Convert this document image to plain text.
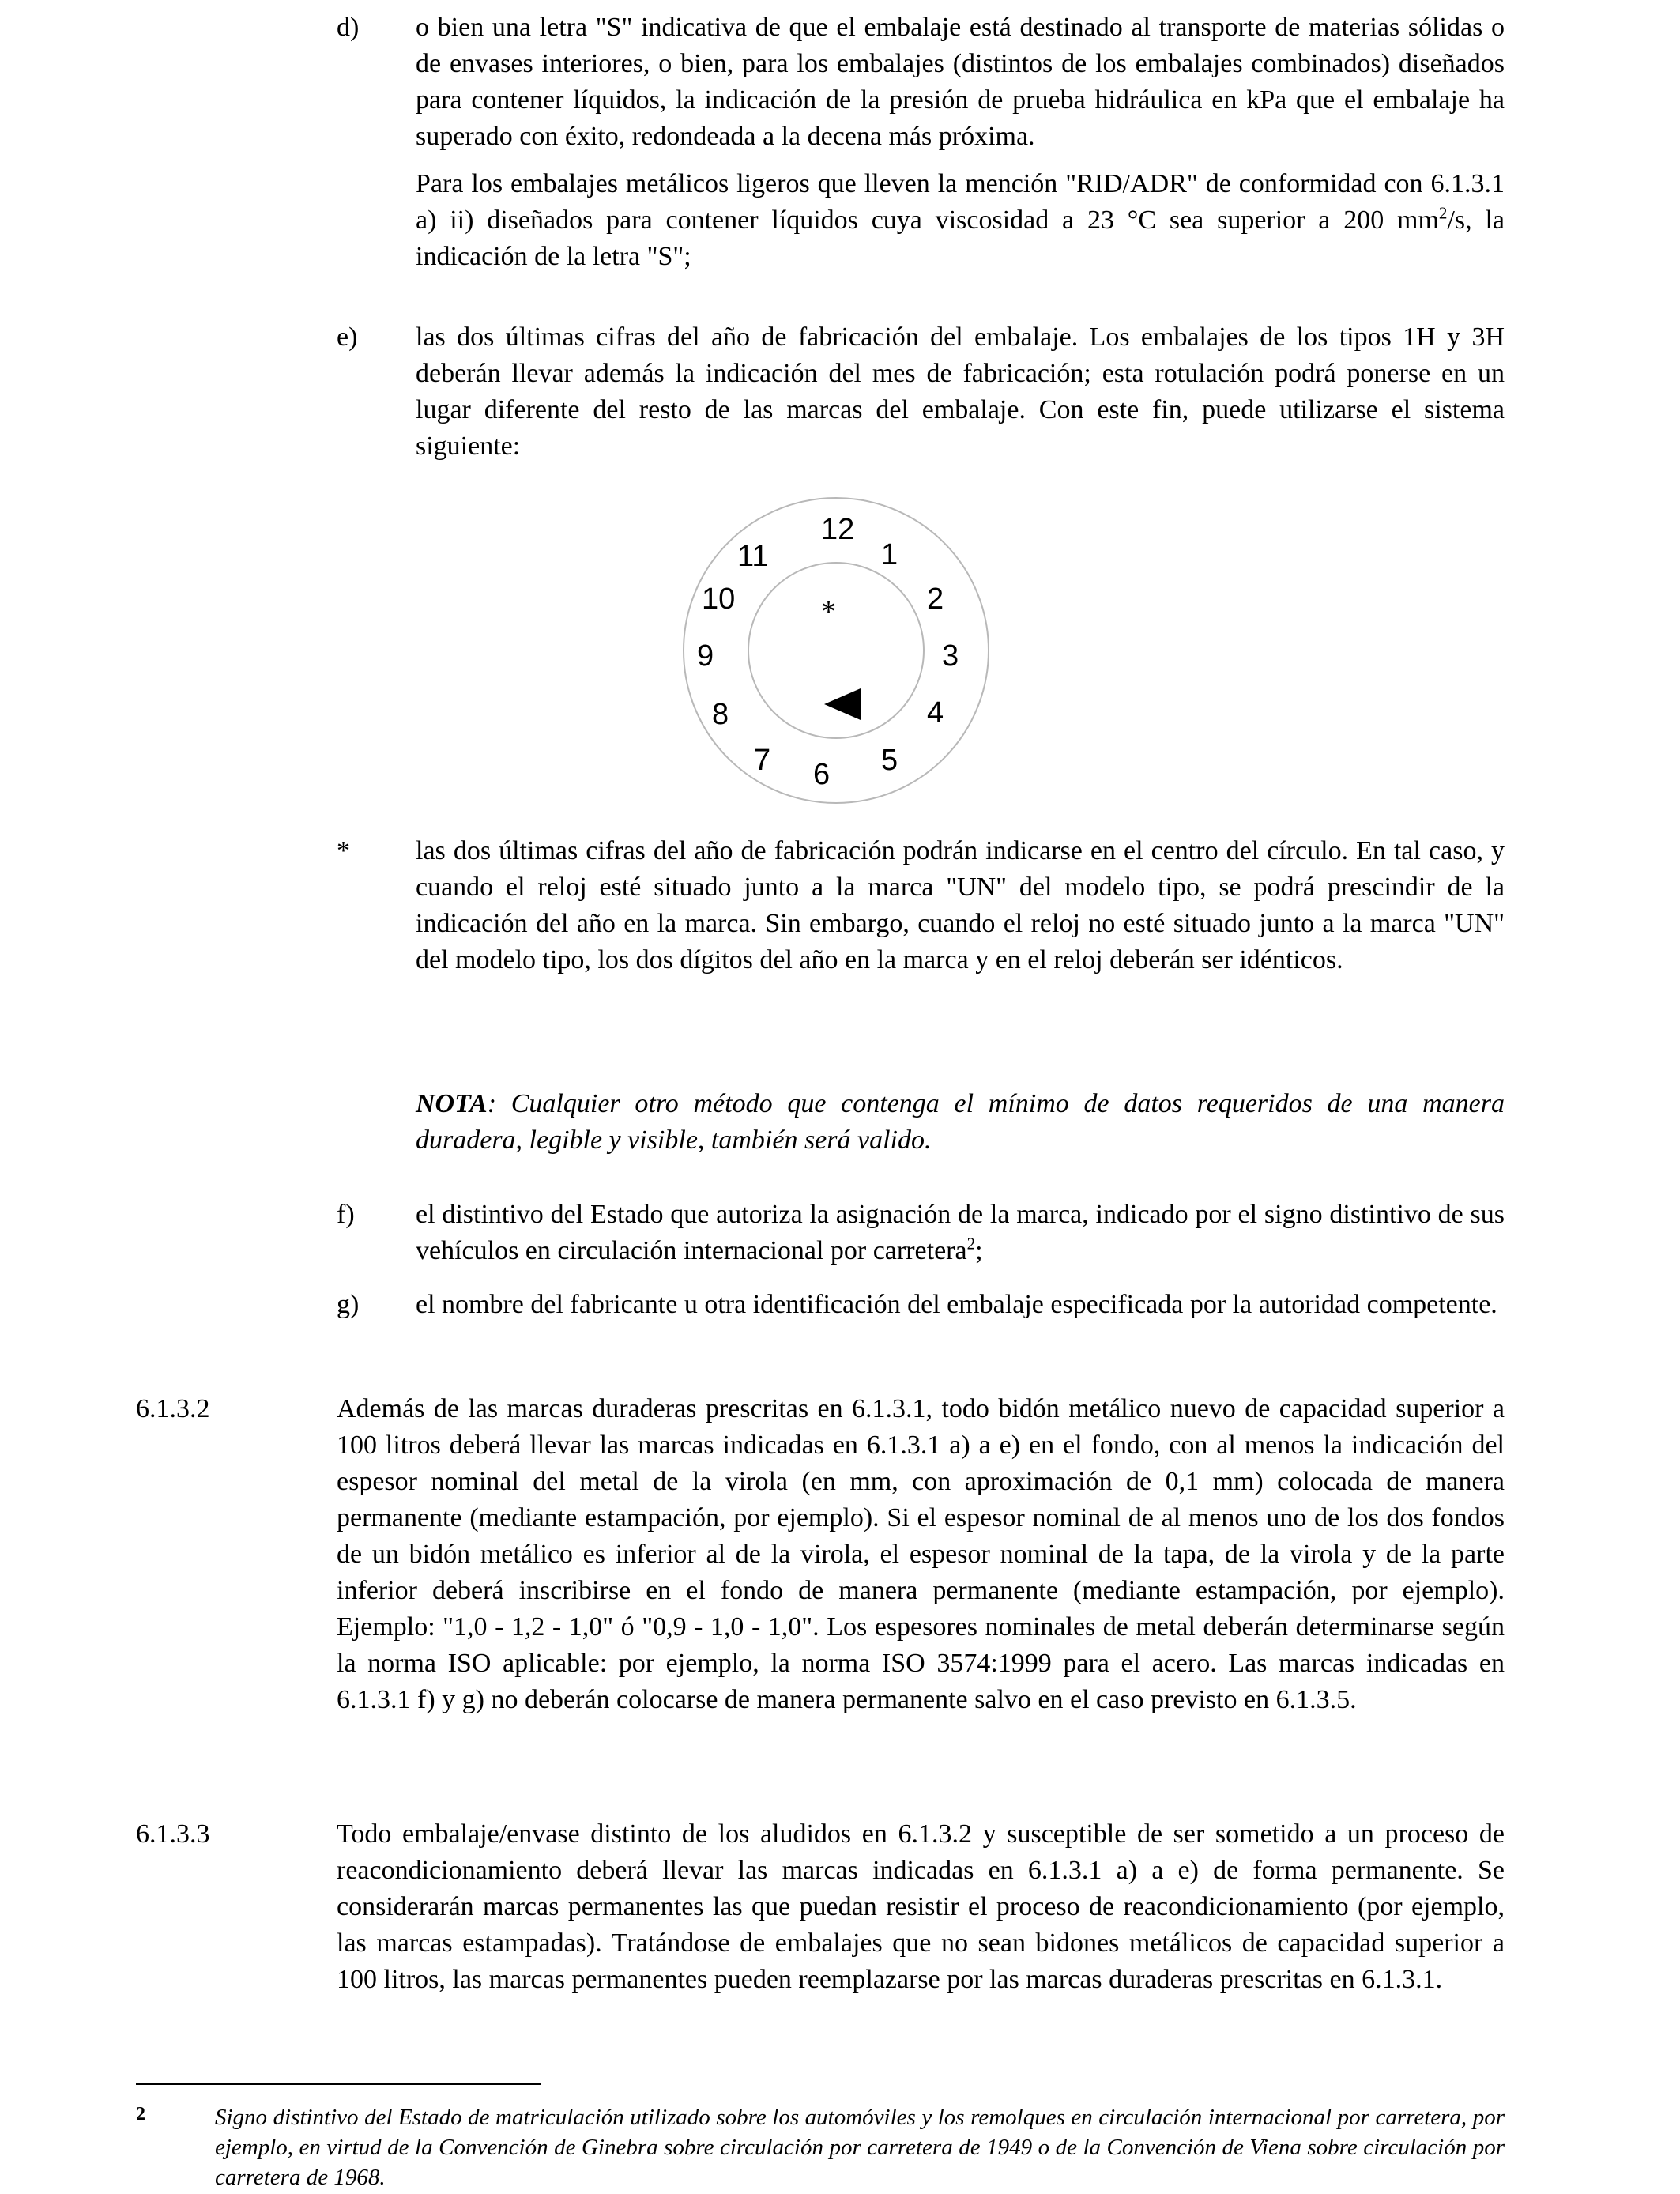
d) o bien una letra "S" indicativa de que el embalaje está destinado al transporte de materias sólidas o de envases interiores, o bien, para los embalajes (distintos de los embalajes combinados) diseñados para contener líquidos, la indicación de la presión de prueba hidráulica en kPa que el embalaje ha superado con éxito, redondeada a la decena más próxima.

Para los embalajes metálicos ligeros que lleven la mención "RID/ADR" de conformidad con 6.1.3.1 a) ii) diseñados para contener líquidos cuya viscosidad a 23 °C sea superior a 200 $mm^2/s$, la indicación de la letra "S";

e) las dos últimas cifras del año de fabricación del embalaje. Los embalajes de los tipos 1H y 3H deberán llevar además la indicación del mes de fabricación; esta rotulación podrá ponerse en un lugar diferente del resto de las marcas del embalaje. Con este fin, puede utilizarse el sistema siguiente:
12
1
2
3
4
5
6
7
8
9
10
11
*
* las dos últimas cifras del año de fabricación podrán indicarse en el centro del círculo. En tal caso, y cuando el reloj esté situado junto a la marca "UN" del modelo tipo, se podrá prescindir de la indicación del año en la marca. Sin embargo, cuando el reloj no esté situado junto a la marca "UN" del modelo tipo, los dos dígitos del año en la marca y en el reloj deberán ser idénticos.
NOTA: Cualquier otro método que contenga el mínimo de datos requeridos de una manera duradera, legible y visible, también será valido.
f) el distintivo del Estado que autoriza la asignación de la marca, indicado por el signo distintivo de sus vehículos en circulación internacional por carretera$^2$;
g) el nombre del fabricante u otra identificación del embalaje especificada por la autoridad competente.
6.1.3.2	Además de las marcas duraderas prescritas en 6.1.3.1, todo bidón metálico nuevo de capacidad superior a 100 litros deberá llevar las marcas indicadas en 6.1.3.1 a) a e) en el fondo, con al menos la indicación del espesor nominal del metal de la virola (en mm, con aproximación de 0,1 mm) colocada de manera permanente (mediante estampación, por ejemplo). Si el espesor nominal de al menos uno de los dos fondos de un bidón metálico es inferior al de la virola, el espesor nominal de la tapa, de la virola y de la parte inferior deberá inscribirse en el fondo de manera permanente (mediante estampación, por ejemplo). Ejemplo: "1,0 - 1,2 - 1,0" ó "0,9 - 1,0 - 1,0". Los espesores nominales de metal deberán determinarse según la norma ISO aplicable: por ejemplo, la norma ISO 3574:1999 para el acero. Las marcas indicadas en 6.1.3.1 f) y g) no deberán colocarse de manera permanente salvo en el caso previsto en 6.1.3.5.
6.1.3.3	Todo embalaje/envase distinto de los aludidos en 6.1.3.2 y susceptible de ser sometido a un proceso de reacondicionamiento deberá llevar las marcas indicadas en 6.1.3.1 a) a e) de forma permanente. Se considerarán marcas permanentes las que puedan resistir el proceso de reacondicionamiento (por ejemplo, las marcas estampadas). Tratándose de embalajes que no sean bidones metálicos de capacidad superior a 100 litros, las marcas permanentes pueden reemplazarse por las marcas duraderas prescritas en 6.1.3.1.
2	Signo distintivo del Estado de matriculación utilizado sobre los automóviles y los remolques en circulación internacional por carretera, por ejemplo, en virtud de la Convención de Ginebra sobre circulación por carretera de 1949 o de la Convención de Viena sobre circulación por carretera de 1968.
